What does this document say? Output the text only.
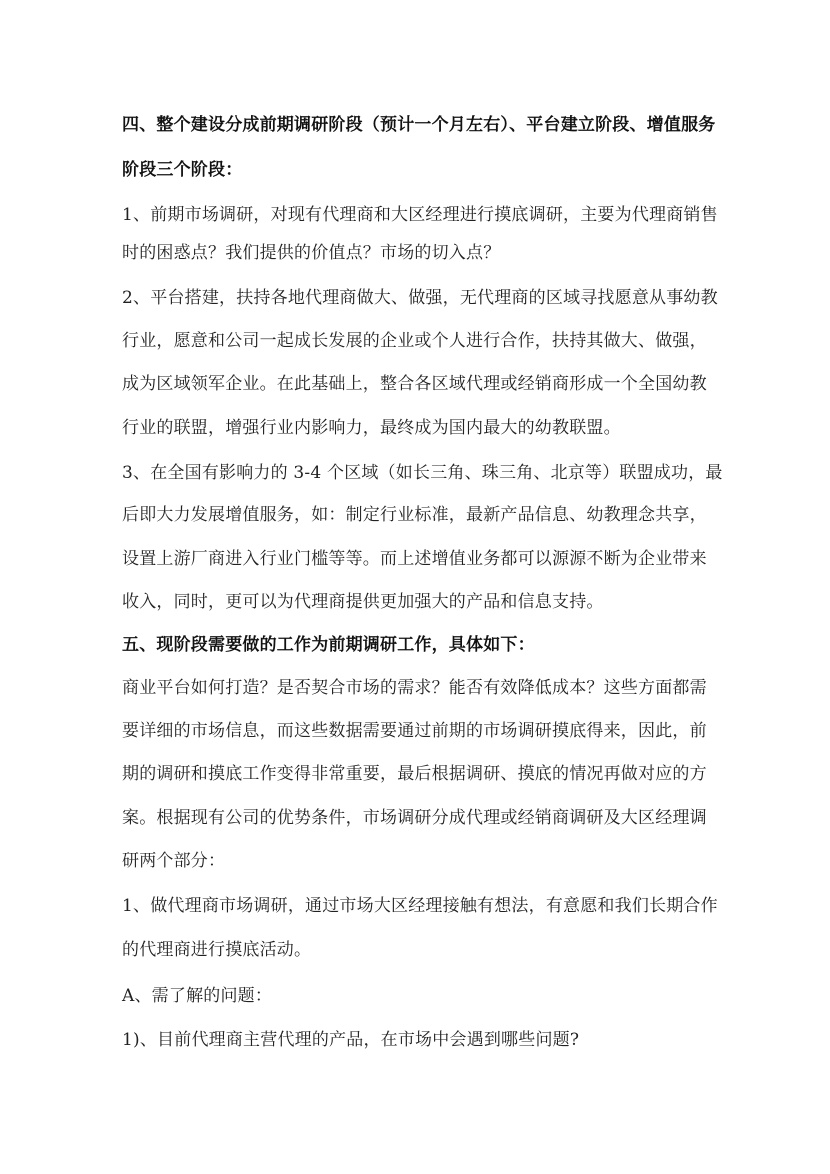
四、整个建设分成前期调研阶段（预计一个月左右）、平台建立阶段、增值服务
阶段三个阶段：
1、前期市场调研，对现有代理商和大区经理进行摸底调研，主要为代理商销售
时的困惑点？我们提供的价值点？市场的切入点？
2、平台搭建，扶持各地代理商做大、做强，无代理商的区域寻找愿意从事幼教
行业，愿意和公司一起成长发展的企业或个人进行合作，扶持其做大、做强，
成为区域领军企业。在此基础上，整合各区域代理或经销商形成一个全国幼教
行业的联盟，增强行业内影响力，最终成为国内最大的幼教联盟。
3、在全国有影响力的 3-4 个区域（如长三角、珠三角、北京等）联盟成功，最
后即大力发展增值服务，如：制定行业标准，最新产品信息、幼教理念共享，
设置上游厂商进入行业门槛等等。而上述增值业务都可以源源不断为企业带来
收入，同时，更可以为代理商提供更加强大的产品和信息支持。
五、现阶段需要做的工作为前期调研工作，具体如下：
商业平台如何打造？是否契合市场的需求？能否有效降低成本？这些方面都需
要详细的市场信息，而这些数据需要通过前期的市场调研摸底得来，因此，前
期的调研和摸底工作变得非常重要，最后根据调研、摸底的情况再做对应的方
案。根据现有公司的优势条件，市场调研分成代理或经销商调研及大区经理调
研两个部分：
1、做代理商市场调研，通过市场大区经理接触有想法，有意愿和我们长期合作
的代理商进行摸底活动。
A、需了解的问题：
1)、目前代理商主营代理的产品，在市场中会遇到哪些问题?
